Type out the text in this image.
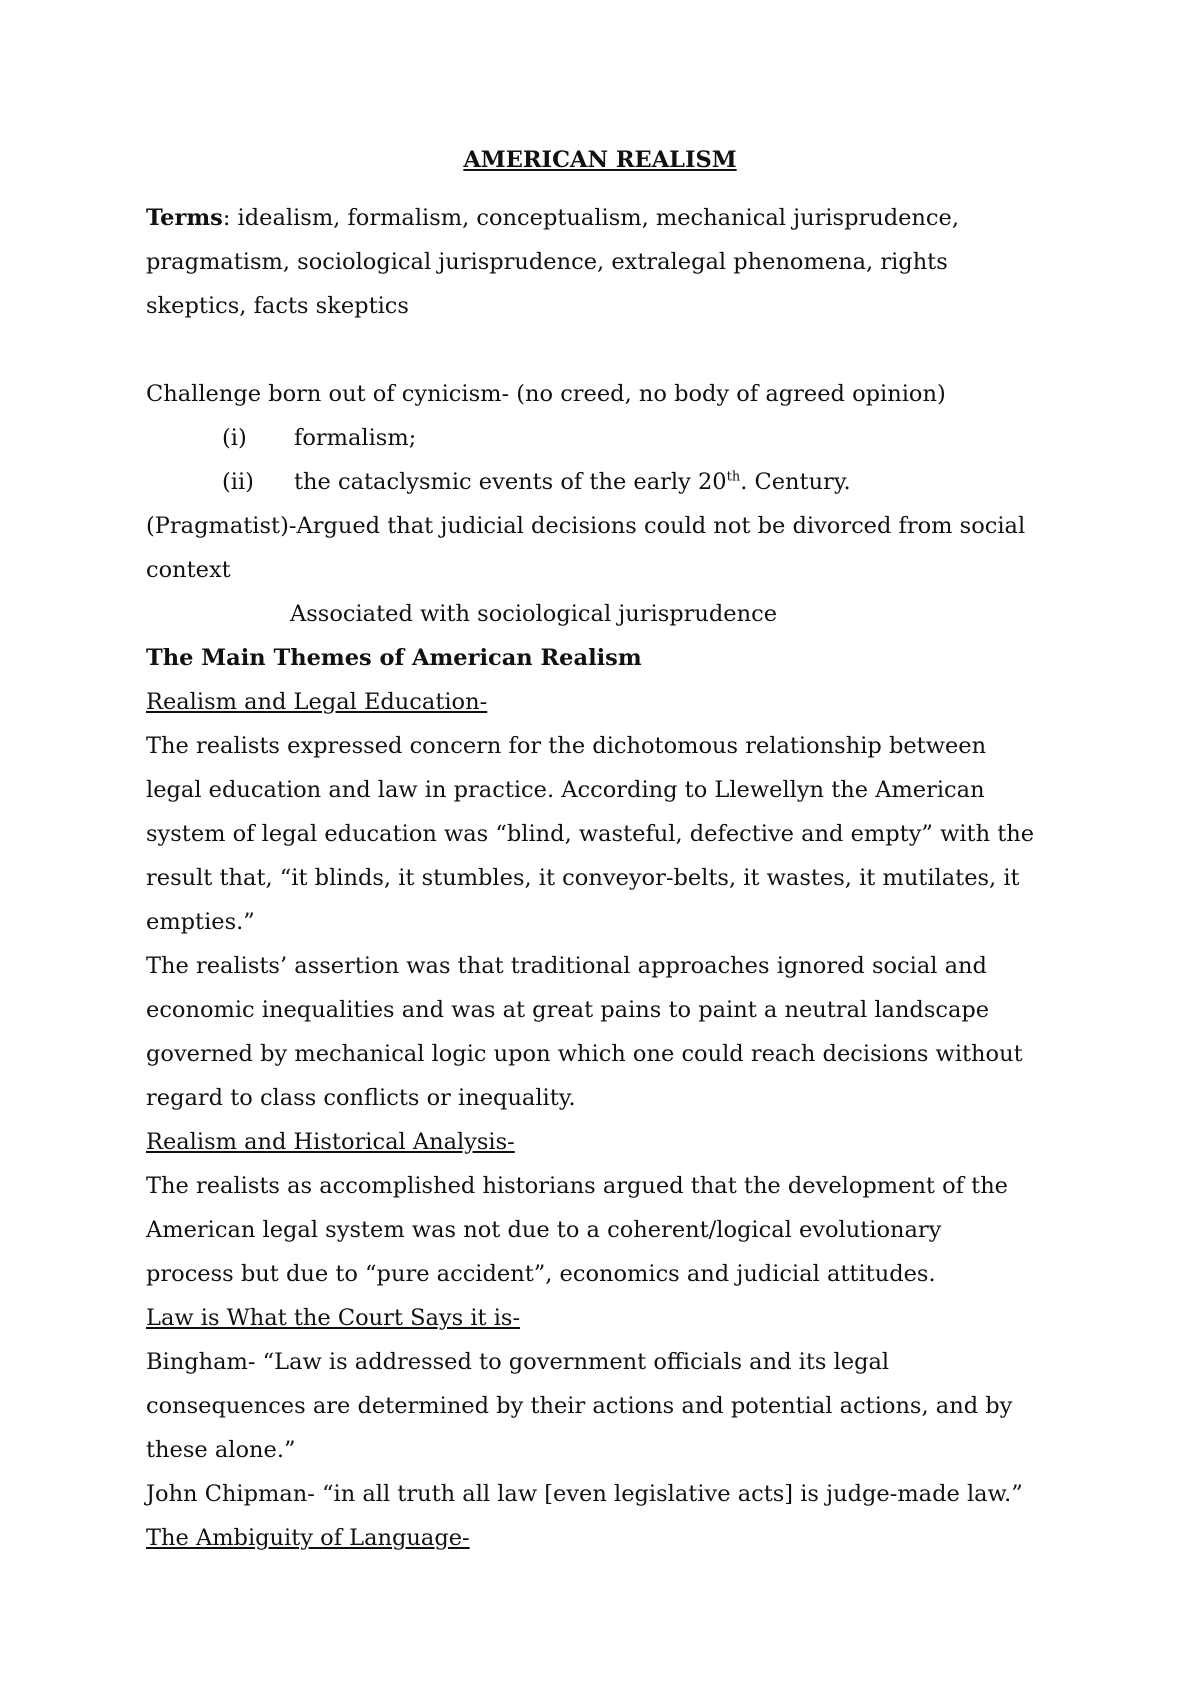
AMERICAN REALISM
Terms: idealism, formalism, conceptualism, mechanical jurisprudence,
pragmatism, sociological jurisprudence, extralegal phenomena, rights
skeptics, facts skeptics
Challenge born out of cynicism- (no creed, no body of agreed opinion)
(i) formalism;
(ii) the cataclysmic events of the early 20th. Century.
(Pragmatist)-Argued that judicial decisions could not be divorced from social
context
Associated with sociological jurisprudence
The Main Themes of American Realism
Realism and Legal Education-
The realists expressed concern for the dichotomous relationship between
legal education and law in practice. According to Llewellyn the American
system of legal education was “blind, wasteful, defective and empty” with the
result that, “it blinds, it stumbles, it conveyor-belts, it wastes, it mutilates, it
empties.”
The realists’ assertion was that traditional approaches ignored social and
economic inequalities and was at great pains to paint a neutral landscape
governed by mechanical logic upon which one could reach decisions without
regard to class conflicts or inequality.
Realism and Historical Analysis-
The realists as accomplished historians argued that the development of the
American legal system was not due to a coherent/logical evolutionary
process but due to “pure accident”, economics and judicial attitudes.
Law is What the Court Says it is-
Bingham- “Law is addressed to government officials and its legal
consequences are determined by their actions and potential actions, and by
these alone.”
John Chipman- “in all truth all law [even legislative acts] is judge-made law.”
The Ambiguity of Language-
